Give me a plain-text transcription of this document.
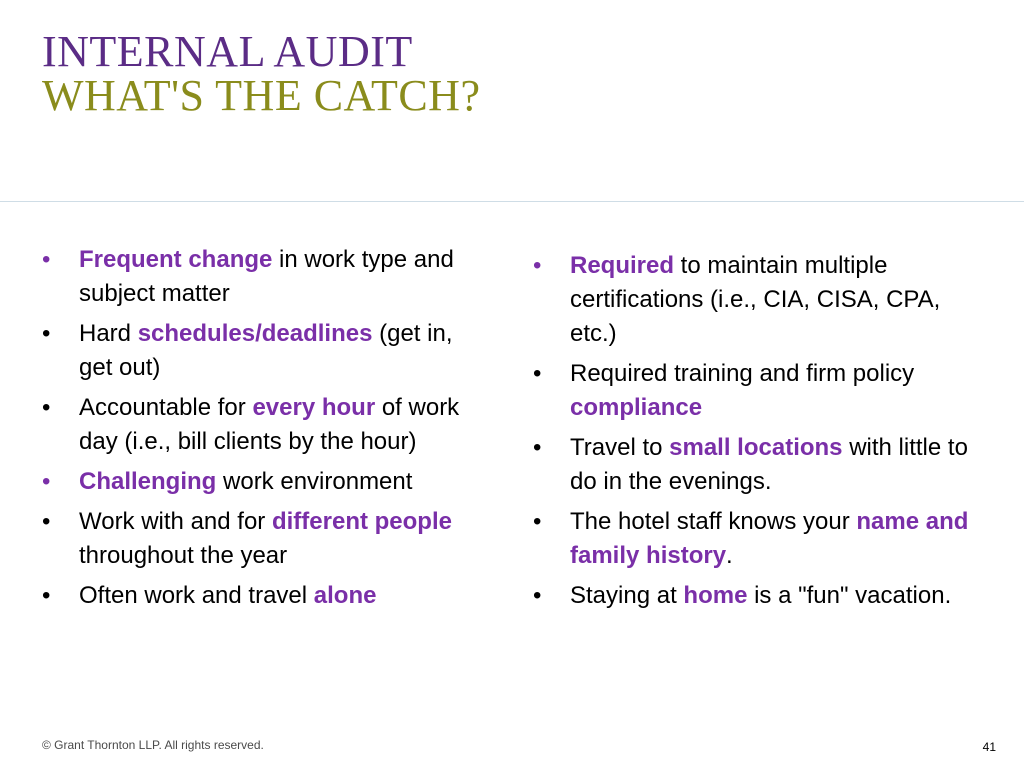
INTERNAL AUDIT
WHAT'S THE CATCH?
•	Frequent change in work type and subject matter
•	Hard schedules/deadlines (get in, get out)
•	Accountable for every hour of work day (i.e., bill clients by the hour)
•	Challenging work environment
•	Work with and for different people throughout the year
•	Often work and travel alone
•	Required to maintain multiple certifications (i.e., CIA, CISA, CPA, etc.)
•	Required training and firm policy compliance
•	Travel to small locations with little to do in the evenings.
•	The hotel staff knows your name and family history.
•	Staying at home is a "fun" vacation.
© Grant Thornton LLP. All rights reserved.	41
